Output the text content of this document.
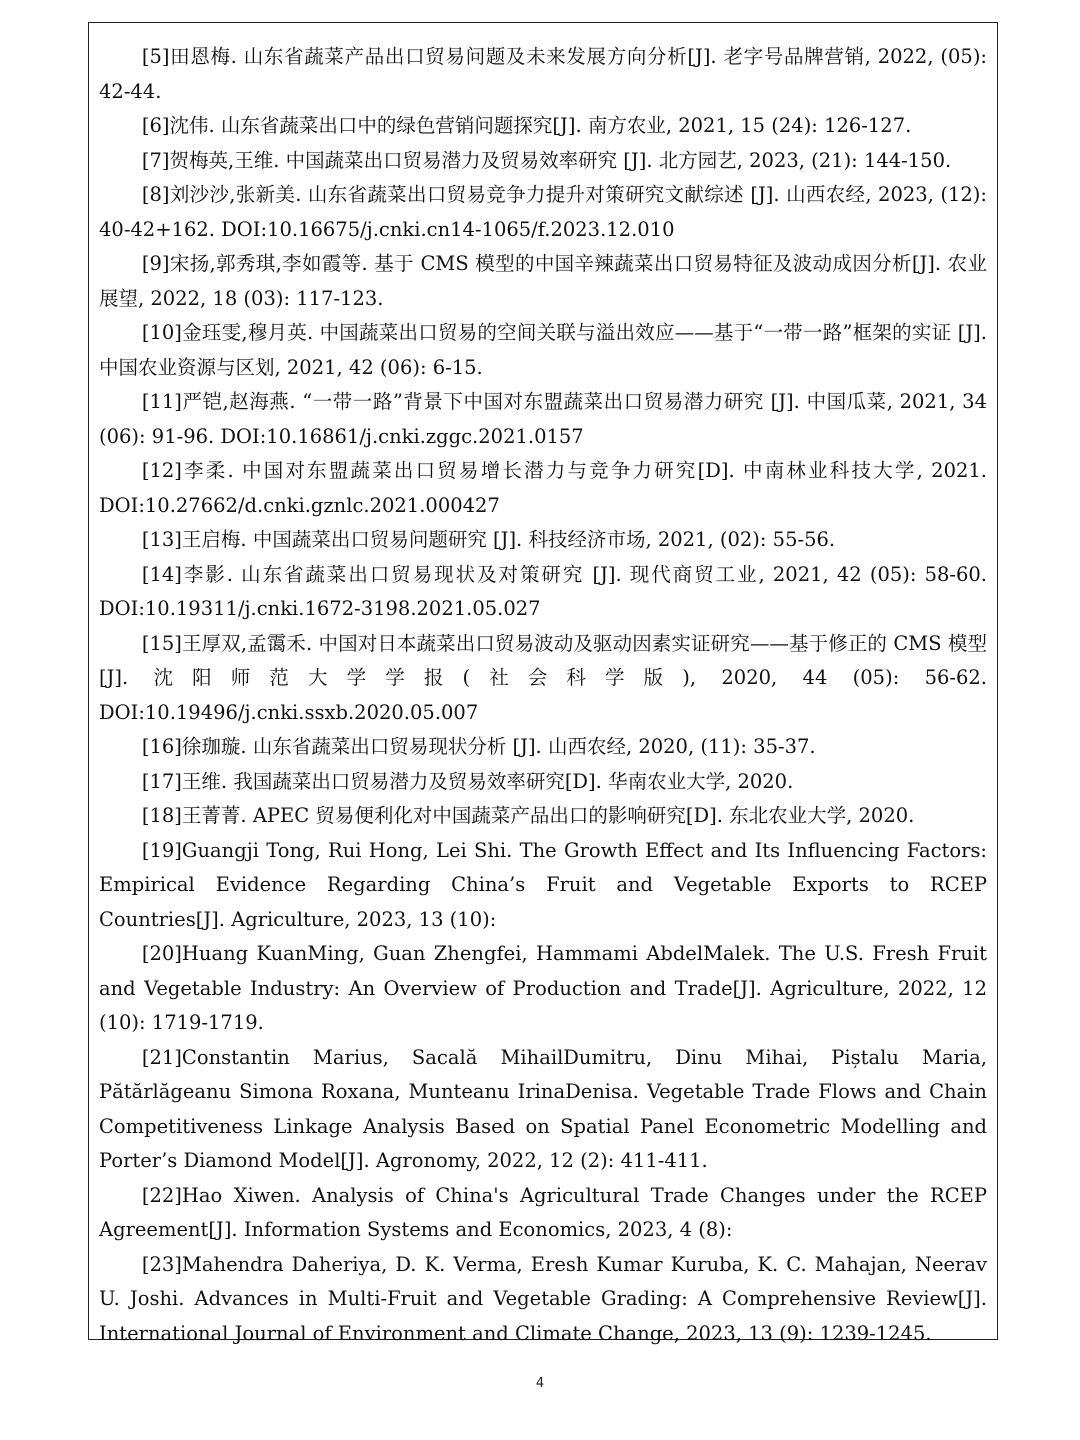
[5]田恩梅. 山东省蔬菜产品出口贸易问题及未来发展方向分析[J]. 老字号品牌营销, 2022, (05): 42-44.
[6]沈伟. 山东省蔬菜出口中的绿色营销问题探究[J]. 南方农业, 2021, 15 (24): 126-127.
[7]贺梅英,王维. 中国蔬菜出口贸易潜力及贸易效率研究 [J]. 北方园艺, 2023, (21): 144-150.
[8]刘沙沙,张新美. 山东省蔬菜出口贸易竞争力提升对策研究文献综述 [J]. 山西农经, 2023, (12): 40-42+162. DOI:10.16675/j.cnki.cn14-1065/f.2023.12.010
[9]宋扬,郭秀琪,李如霞等. 基于 CMS 模型的中国辛辣蔬菜出口贸易特征及波动成因分析[J]. 农业展望, 2022, 18 (03): 117-123.
[10]金珏雯,穆月英. 中国蔬菜出口贸易的空间关联与溢出效应——基于“一带一路”框架的实证 [J]. 中国农业资源与区划, 2021, 42 (06): 6-15.
[11]严铠,赵海燕. “一带一路”背景下中国对东盟蔬菜出口贸易潜力研究 [J]. 中国瓜菜, 2021, 34 (06): 91-96. DOI:10.16861/j.cnki.zggc.2021.0157
[12]李柔. 中国对东盟蔬菜出口贸易增长潜力与竞争力研究[D]. 中南林业科技大学, 2021. DOI:10.27662/d.cnki.gznlc.2021.000427
[13]王启梅. 中国蔬菜出口贸易问题研究 [J]. 科技经济市场, 2021, (02): 55-56.
[14]李影. 山东省蔬菜出口贸易现状及对策研究 [J]. 现代商贸工业, 2021, 42 (05): 58-60. DOI:10.19311/j.cnki.1672-3198.2021.05.027
[15]王厚双,孟霭禾. 中国对日本蔬菜出口贸易波动及驱动因素实证研究——基于修正的 CMS 模型 [J]. 沈阳师范大学学报(社会科学版), 2020, 44 (05): 56-62. DOI:10.19496/j.cnki.ssxb.2020.05.007
[16]徐珈璇. 山东省蔬菜出口贸易现状分析 [J]. 山西农经, 2020, (11): 35-37.
[17]王维. 我国蔬菜出口贸易潜力及贸易效率研究[D]. 华南农业大学, 2020.
[18]王菁菁. APEC 贸易便利化对中国蔬菜产品出口的影响研究[D]. 东北农业大学, 2020.
[19]Guangji Tong, Rui Hong, Lei Shi. The Growth Effect and Its Influencing Factors: Empirical Evidence Regarding China’s Fruit and Vegetable Exports to RCEP Countries[J]. Agriculture, 2023, 13 (10):
[20]Huang KuanMing, Guan Zhengfei, Hammami AbdelMalek. The U.S. Fresh Fruit and Vegetable Industry: An Overview of Production and Trade[J]. Agriculture, 2022, 12 (10): 1719-1719.
[21]Constantin Marius, Sacală MihailDumitru, Dinu Mihai, Piștalu Maria, Pătărlăgeanu Simona Roxana, Munteanu IrinaDenisa. Vegetable Trade Flows and Chain Competitiveness Linkage Analysis Based on Spatial Panel Econometric Modelling and Porter’s Diamond Model[J]. Agronomy, 2022, 12 (2): 411-411.
[22]Hao Xiwen. Analysis of China's Agricultural Trade Changes under the RCEP Agreement[J]. Information Systems and Economics, 2023, 4 (8):
[23]Mahendra Daheriya, D. K. Verma, Eresh Kumar Kuruba, K. C. Mahajan, Neerav U. Joshi. Advances in Multi-Fruit and Vegetable Grading: A Comprehensive Review[J]. International Journal of Environment and Climate Change, 2023, 13 (9): 1239-1245.
4
